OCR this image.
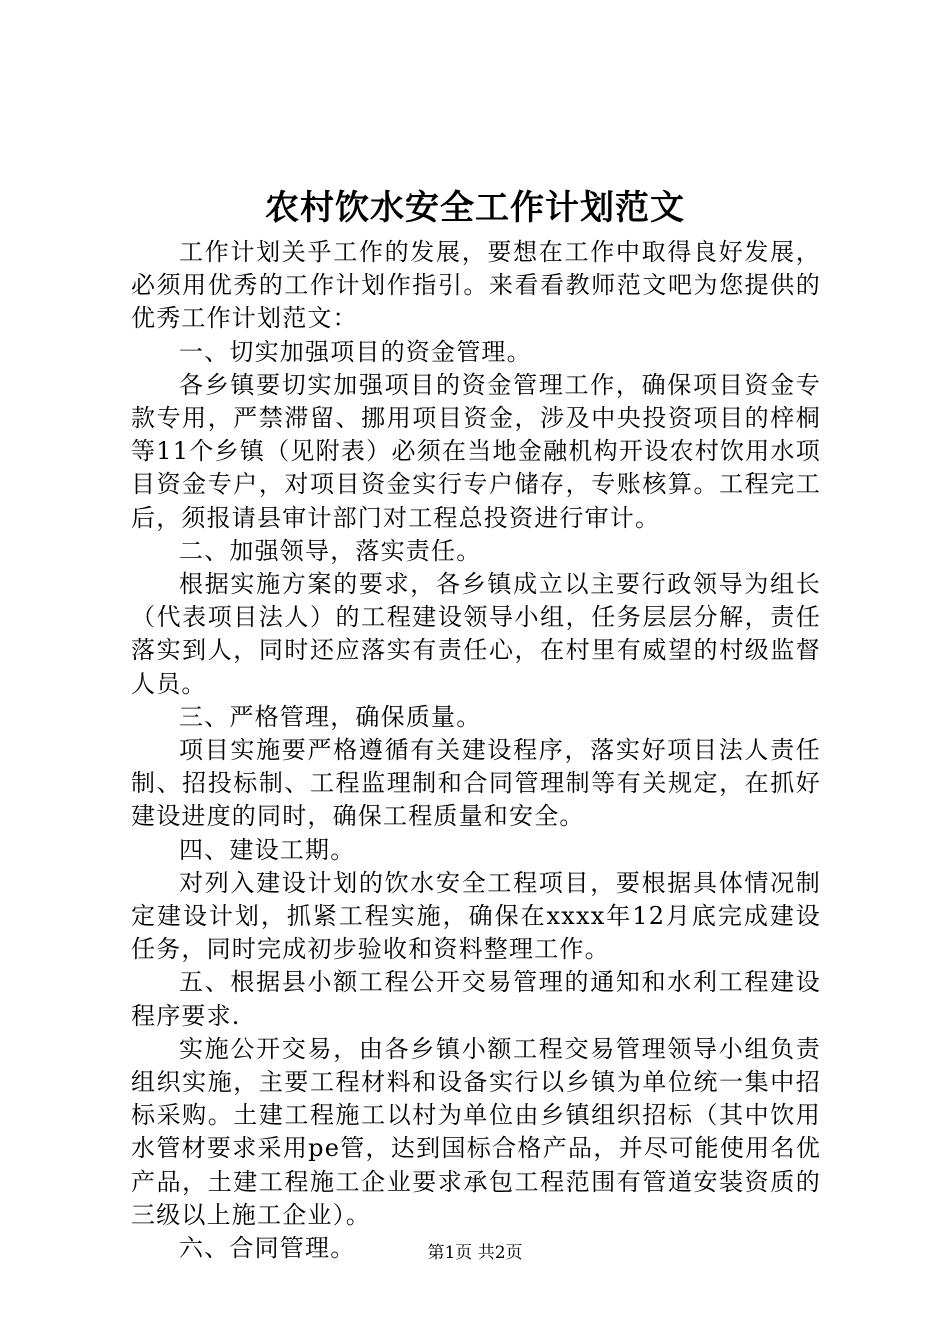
农村饮水安全工作计划范文

工作计划关乎工作的发展，要想在工作中取得良好发展，必须用优秀的工作计划作指引。来看看教师范文吧为您提供的优秀工作计划范文：

一、切实加强项目的资金管理。

各乡镇要切实加强项目的资金管理工作，确保项目资金专款专用，严禁滞留、挪用项目资金，涉及中央投资项目的梓桐等11个乡镇（见附表）必须在当地金融机构开设农村饮用水项目资金专户，对项目资金实行专户储存，专账核算。工程完工后，须报请县审计部门对工程总投资进行审计。

二、加强领导，落实责任。

根据实施方案的要求，各乡镇成立以主要行政领导为组长（代表项目法人）的工程建设领导小组，任务层层分解，责任落实到人，同时还应落实有责任心，在村里有威望的村级监督人员。

三、严格管理，确保质量。

项目实施要严格遵循有关建设程序，落实好项目法人责任制、招投标制、工程监理制和合同管理制等有关规定，在抓好建设进度的同时，确保工程质量和安全。

四、建设工期。

对列入建设计划的饮水安全工程项目，要根据具体情况制定建设计划，抓紧工程实施，确保在xxxx年12月底完成建设任务，同时完成初步验收和资料整理工作。

五、根据县小额工程公开交易管理的通知和水利工程建设程序要求.

实施公开交易，由各乡镇小额工程交易管理领导小组负责组织实施，主要工程材料和设备实行以乡镇为单位统一集中招标采购。土建工程施工以村为单位由乡镇组织招标（其中饮用水管材要求采用pe管，达到国标合格产品，并尽可能使用名优产品，土建工程施工企业要求承包工程范围有管道安装资质的三级以上施工企业）。

六、合同管理。	第1页 共2页
